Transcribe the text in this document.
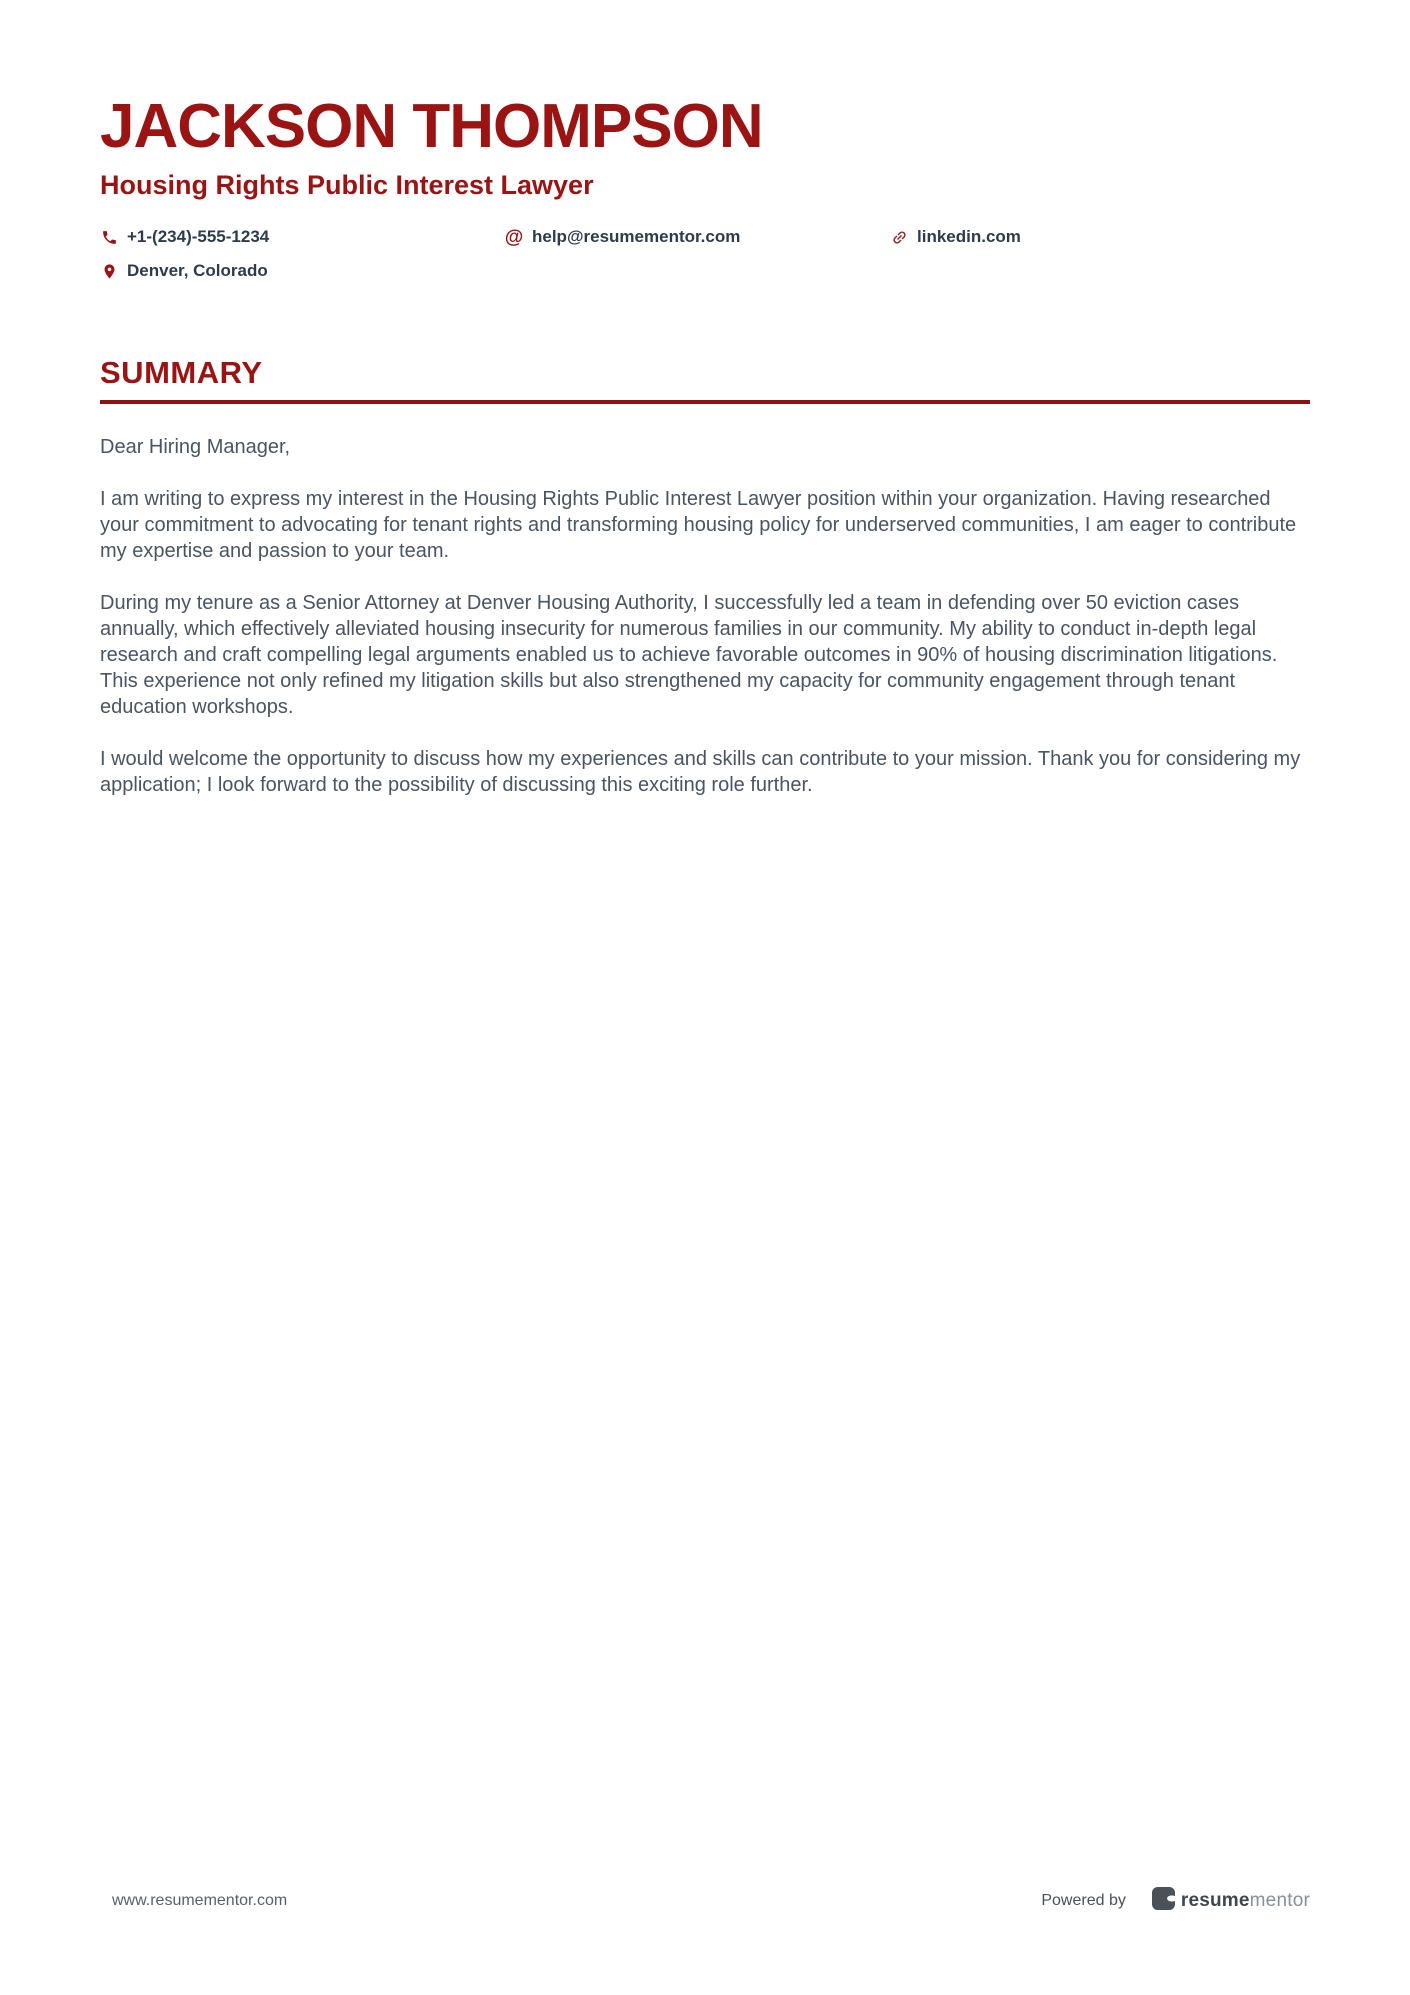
JACKSON THOMPSON
Housing Rights Public Interest Lawyer
+1-(234)-555-1234	@ help@resumementor.com	linkedin.com
Denver, Colorado
SUMMARY

Dear Hiring Manager,

I am writing to express my interest in the Housing Rights Public Interest Lawyer position within your organization. Having researched your commitment to advocating for tenant rights and transforming housing policy for underserved communities, I am eager to contribute my expertise and passion to your team.

During my tenure as a Senior Attorney at Denver Housing Authority, I successfully led a team in defending over 50 eviction cases annually, which effectively alleviated housing insecurity for numerous families in our community. My ability to conduct in-depth legal research and craft compelling legal arguments enabled us to achieve favorable outcomes in 90% of housing discrimination litigations. This experience not only refined my litigation skills but also strengthened my capacity for community engagement through tenant education workshops.

I would welcome the opportunity to discuss how my experiences and skills can contribute to your mission. Thank you for considering my application; I look forward to the possibility of discussing this exciting role further.

www.resumementor.com	Powered by	resumementor
